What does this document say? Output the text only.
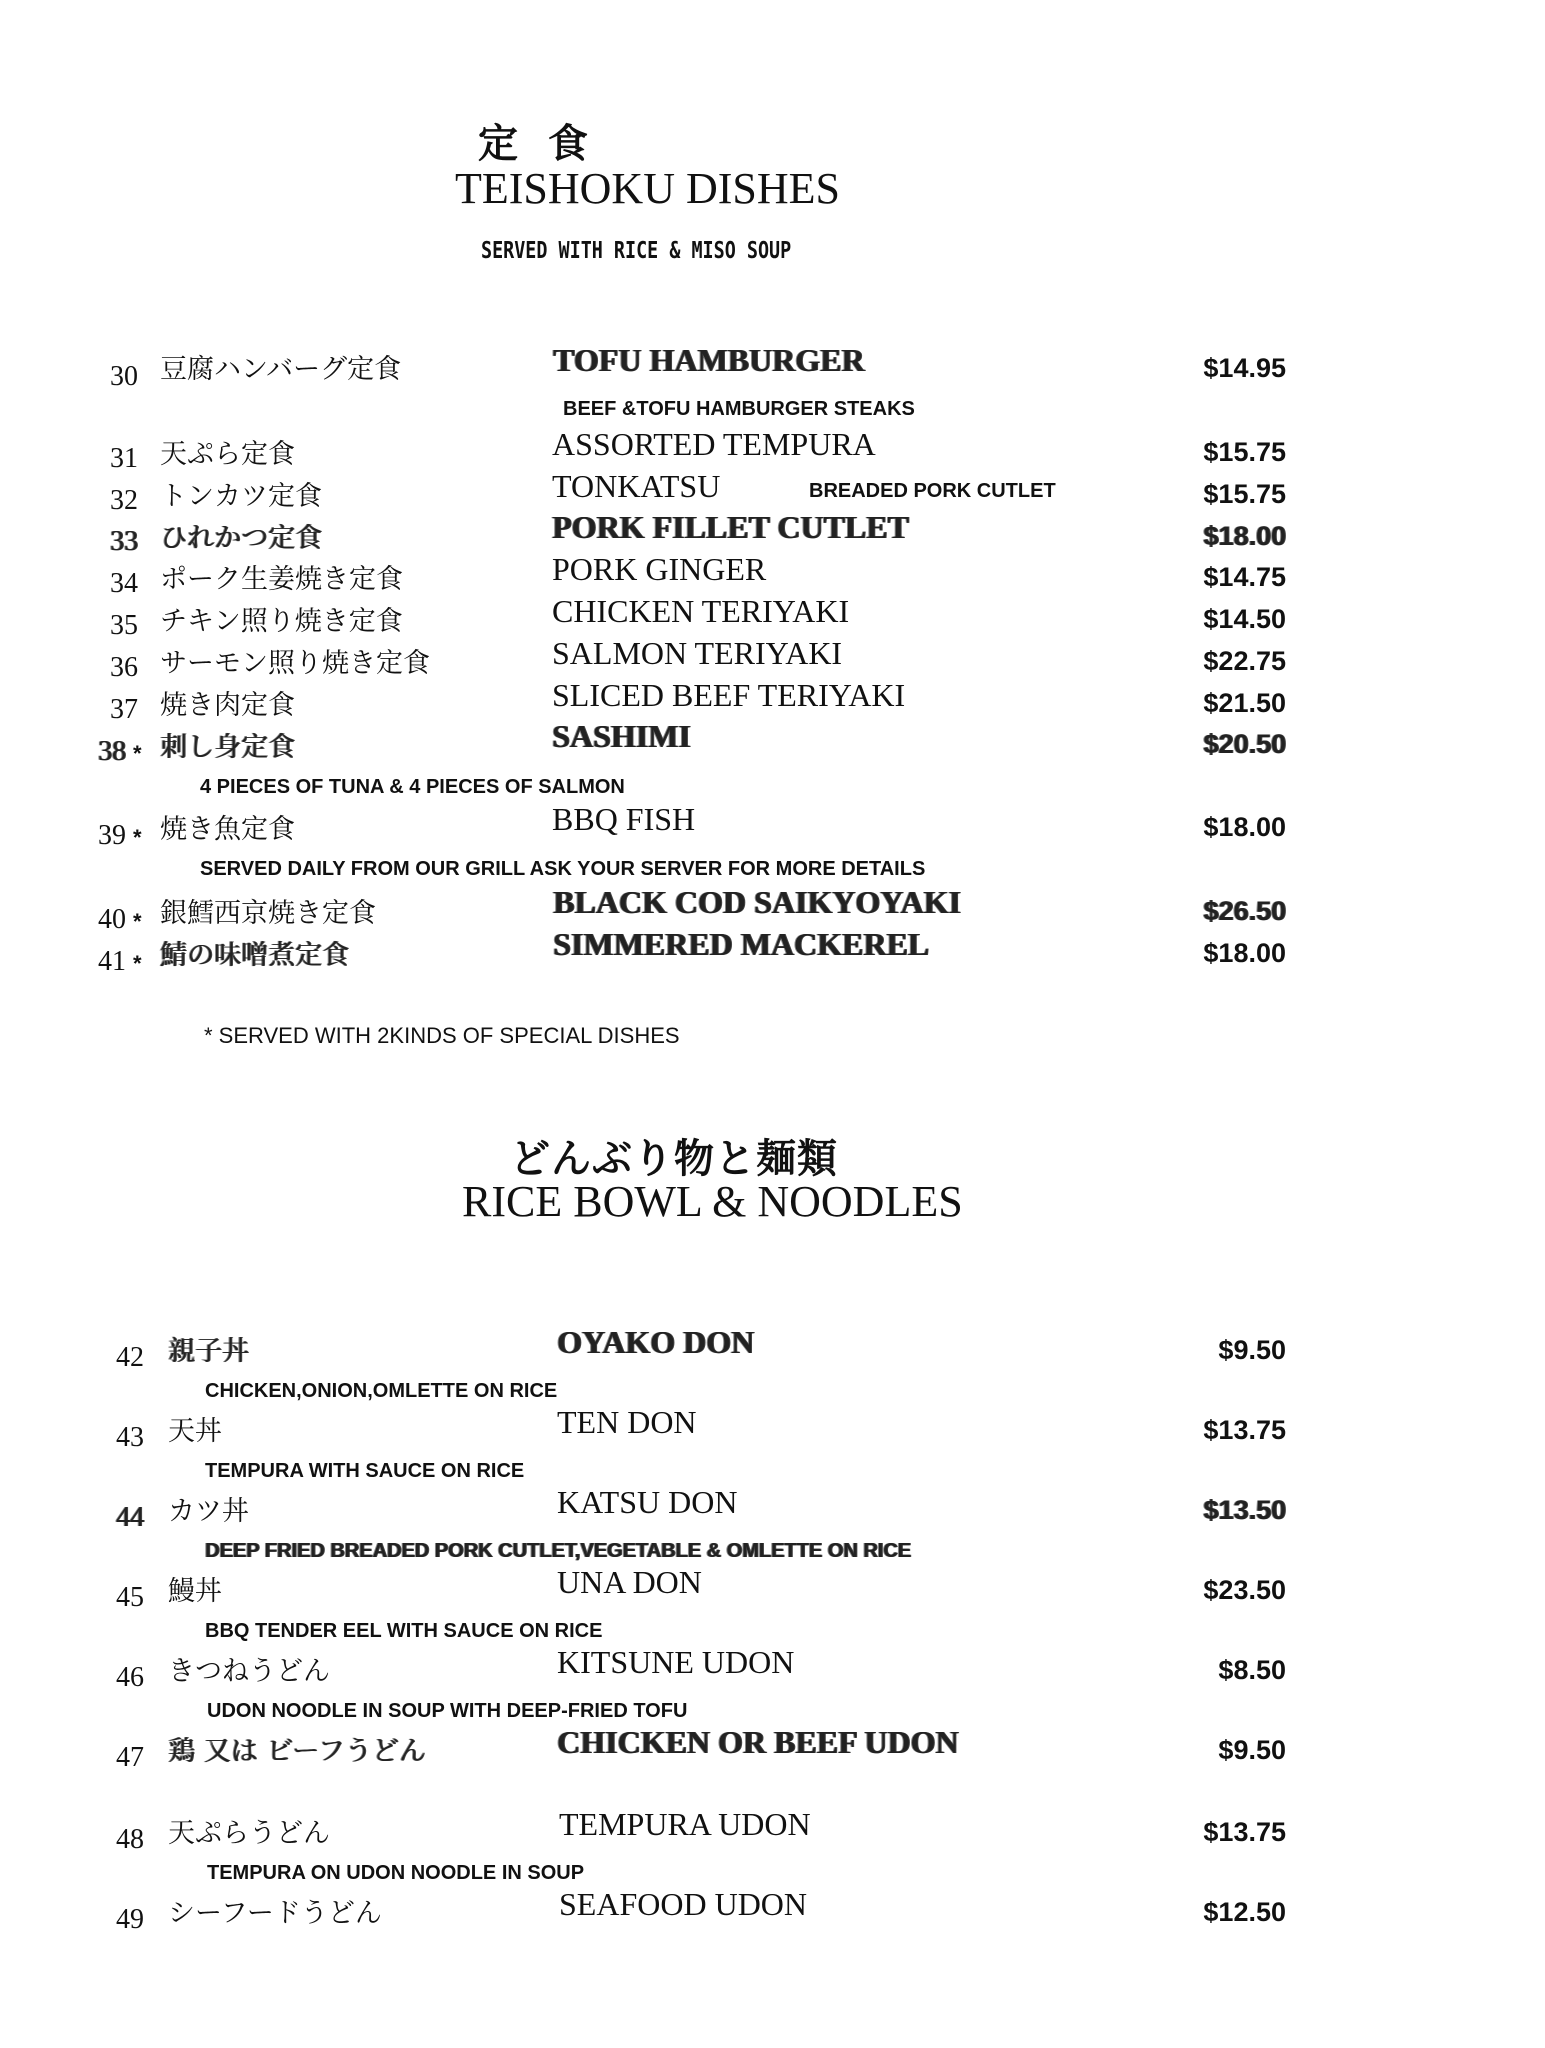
定 食
TEISHOKU DISHES
SERVED WITH RICE & MISO SOUP
30 豆腐ハンバーグ定食	TOFU HAMBURGER	$14.95
BEEF &TOFU HAMBURGER STEAKS
31 天ぷら定食	ASSORTED TEMPURA	$15.75
32 トンカツ定食	TONKATSU	BREADED PORK CUTLET	$15.75
33 ひれかつ定食	PORK FILLET CUTLET	$18.00
34 ポーク生姜焼き定食	PORK GINGER	$14.75
35 チキン照り焼き定食	CHICKEN TERIYAKI	$14.50
36 サーモン照り焼き定食	SALMON TERIYAKI	$22.75
37 焼き肉定食	SLICED BEEF TERIYAKI	$21.50
38 * 刺し身定食	SASHIMI	$20.50
4 PIECES OF TUNA & 4 PIECES OF SALMON
39 * 焼き魚定食	BBQ FISH	$18.00
SERVED DAILY FROM OUR GRILL ASK YOUR SERVER FOR MORE DETAILS
40 * 銀鱈西京焼き定食	BLACK COD SAIKYOYAKI	$26.50
41 * 鯖の味噌煮定食	SIMMERED MACKEREL	$18.00
* SERVED WITH 2KINDS OF SPECIAL DISHES
どんぶり物と麺類
RICE BOWL & NOODLES
42 親子丼	OYAKO DON	$9.50
CHICKEN,ONION,OMLETTE ON RICE
43 天丼	TEN DON	$13.75
TEMPURA WITH SAUCE ON RICE
44 カツ丼	KATSU DON	$13.50
DEEP FRIED BREADED PORK CUTLET,VEGETABLE & OMLETTE ON RICE
45 鰻丼	UNA DON	$23.50
BBQ TENDER EEL WITH SAUCE ON RICE
46 きつねうどん	KITSUNE UDON	$8.50
UDON NOODLE IN SOUP WITH DEEP-FRIED TOFU
47 鶏 又は ビーフうどん	CHICKEN OR BEEF UDON	$9.50
48 天ぷらうどん	TEMPURA UDON	$13.75
TEMPURA ON UDON NOODLE IN SOUP
49 シーフードうどん	SEAFOOD UDON	$12.50
